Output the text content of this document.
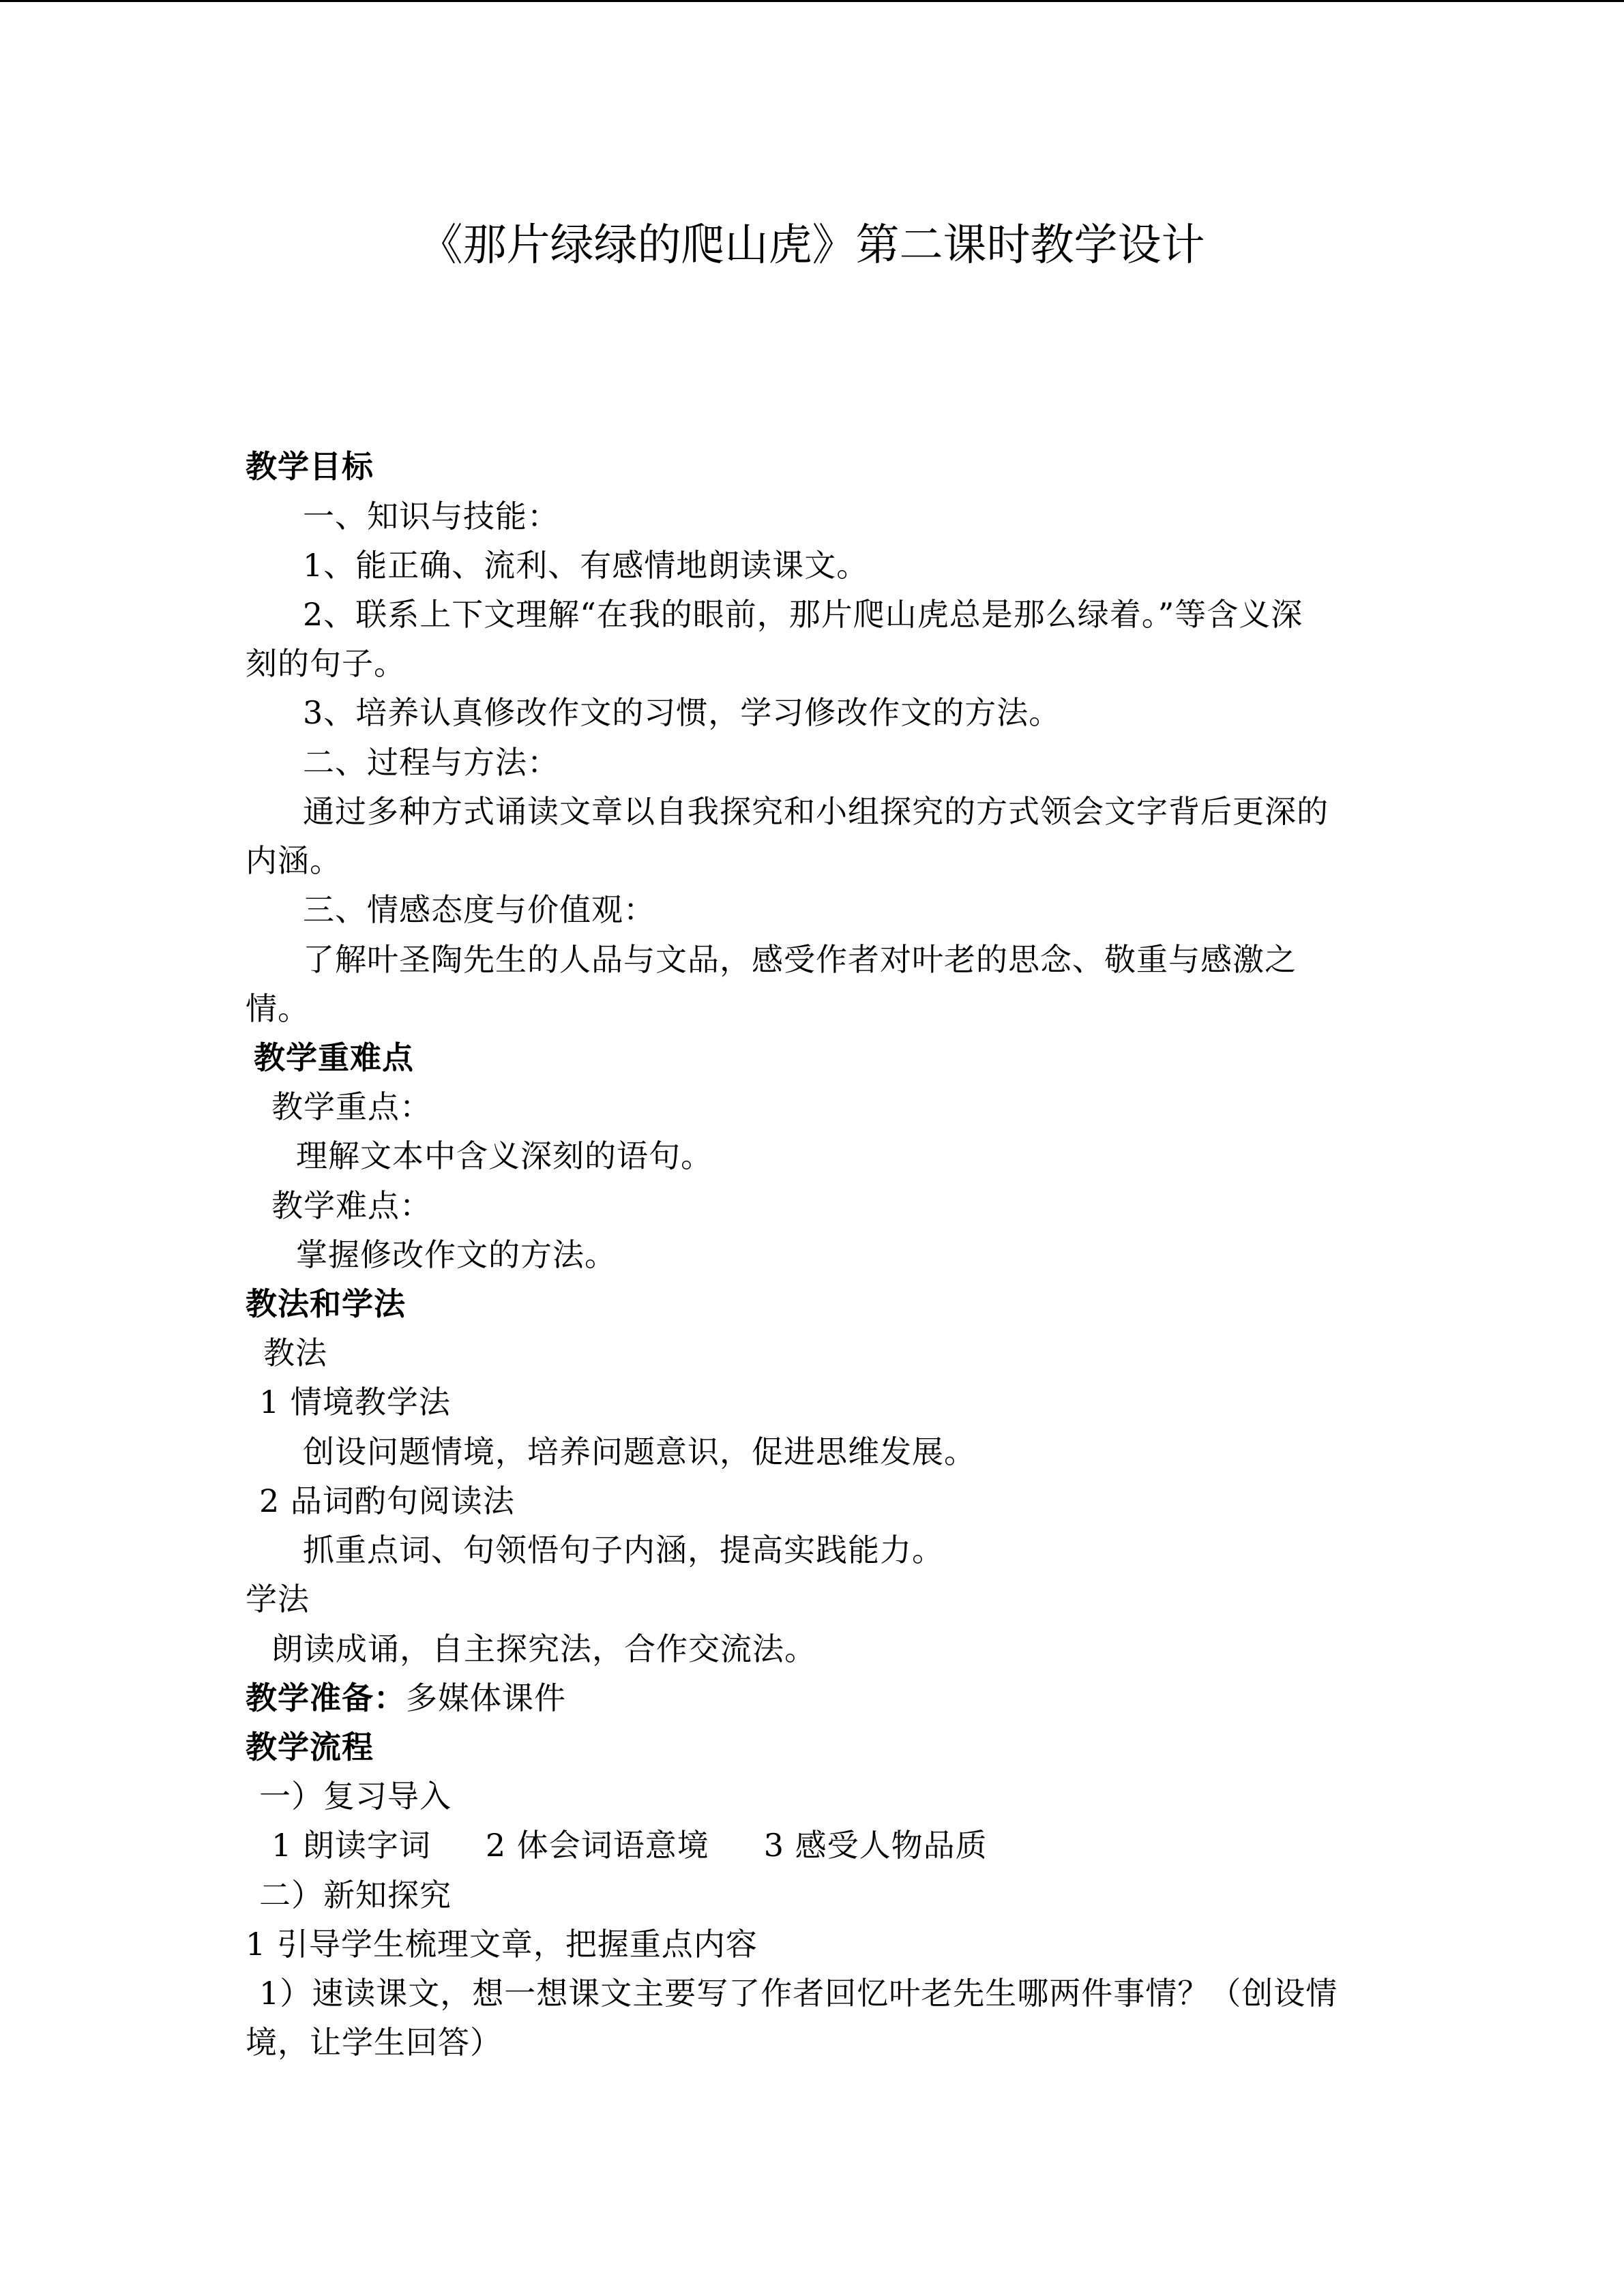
《那片绿绿的爬山虎》第二课时教学设计
教学目标
一、知识与技能：
1、能正确、流利、有感情地朗读课文。
2、联系上下文理解“在我的眼前，那片爬山虎总是那么绿着。”等含义深
刻的句子。
3、培养认真修改作文的习惯，学习修改作文的方法。
二、过程与方法：
通过多种方式诵读文章以自我探究和小组探究的方式领会文字背后更深的
内涵。
三、情感态度与价值观：
了解叶圣陶先生的人品与文品，感受作者对叶老的思念、敬重与感激之
情。
教学重难点
教学重点：
理解文本中含义深刻的语句。
教学难点：
掌握修改作文的方法。
教法和学法
教法
1 情境教学法
创设问题情境，培养问题意识，促进思维发展。
2 品词酌句阅读法
抓重点词、句领悟句子内涵，提高实践能力。
学法
朗读成诵，自主探究法，合作交流法。
教学准备：多媒体课件
教学流程
一）复习导入
1 朗读字词 2 体会词语意境 3 感受人物品质
二）新知探究
1 引导学生梳理文章，把握重点内容
1）速读课文，想一想课文主要写了作者回忆叶老先生哪两件事情？（创设情
境，让学生回答）
